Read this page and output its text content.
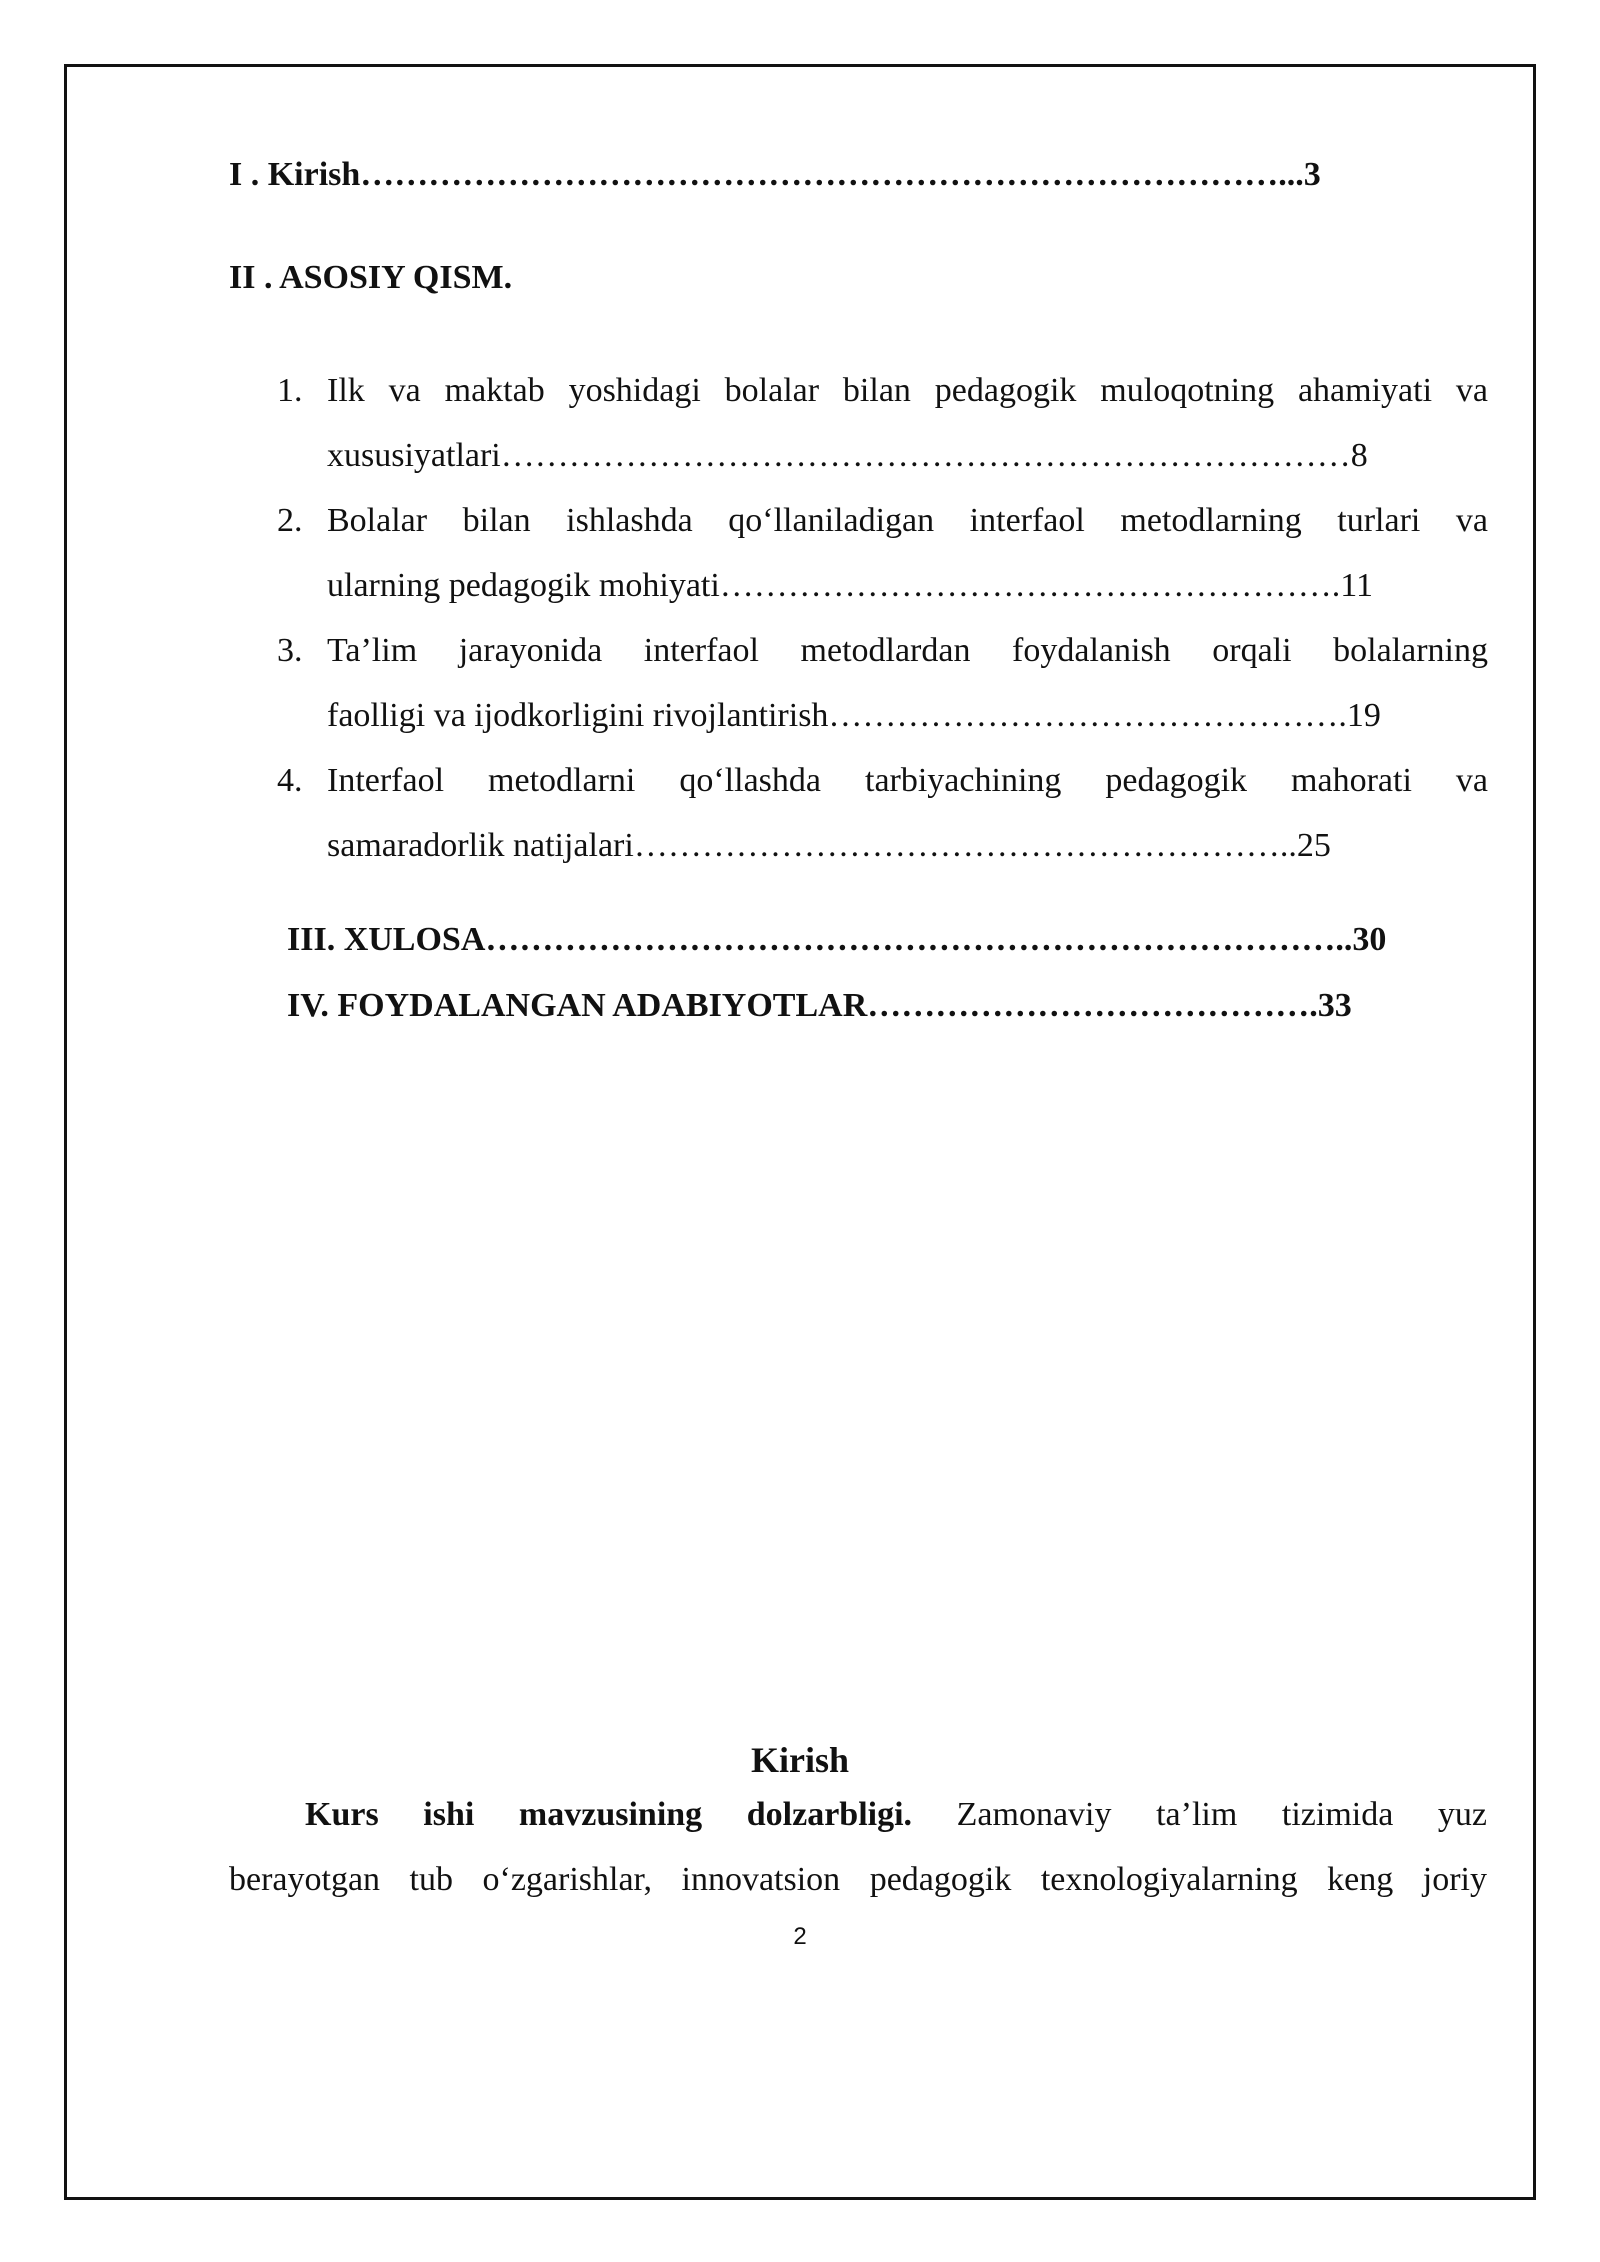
I . Kirish………………………………………………………………………...3
II . ASOSIY QISM.
1. Ilk va maktab yoshidagi bolalar bilan pedagogik muloqotning ahamiyati va
xususiyatlari…………………………………………………………………8
2. Bolalar bilan ishlashda qo‘llaniladigan interfaol metodlarning turlari va
ularning pedagogik mohiyati……………………………………………….11
3. Ta’lim jarayonida interfaol metodlardan foydalanish orqali bolalarning
faolligi va ijodkorligini rivojlantirish……………………………………….19
4. Interfaol metodlarni qo‘llashda tarbiyachining pedagogik mahorati va
samaradorlik natijalari…………………………………………………..25
III. XULOSA…………………………………………………………………..30
IV. FOYDALANGAN ADABIYOTLAR………………………………….33
Kirish
Kurs ishi mavzusining dolzarbligi. Zamonaviy ta’lim tizimida yuz
berayotgan tub o‘zgarishlar, innovatsion pedagogik texnologiyalarning keng joriy
2
